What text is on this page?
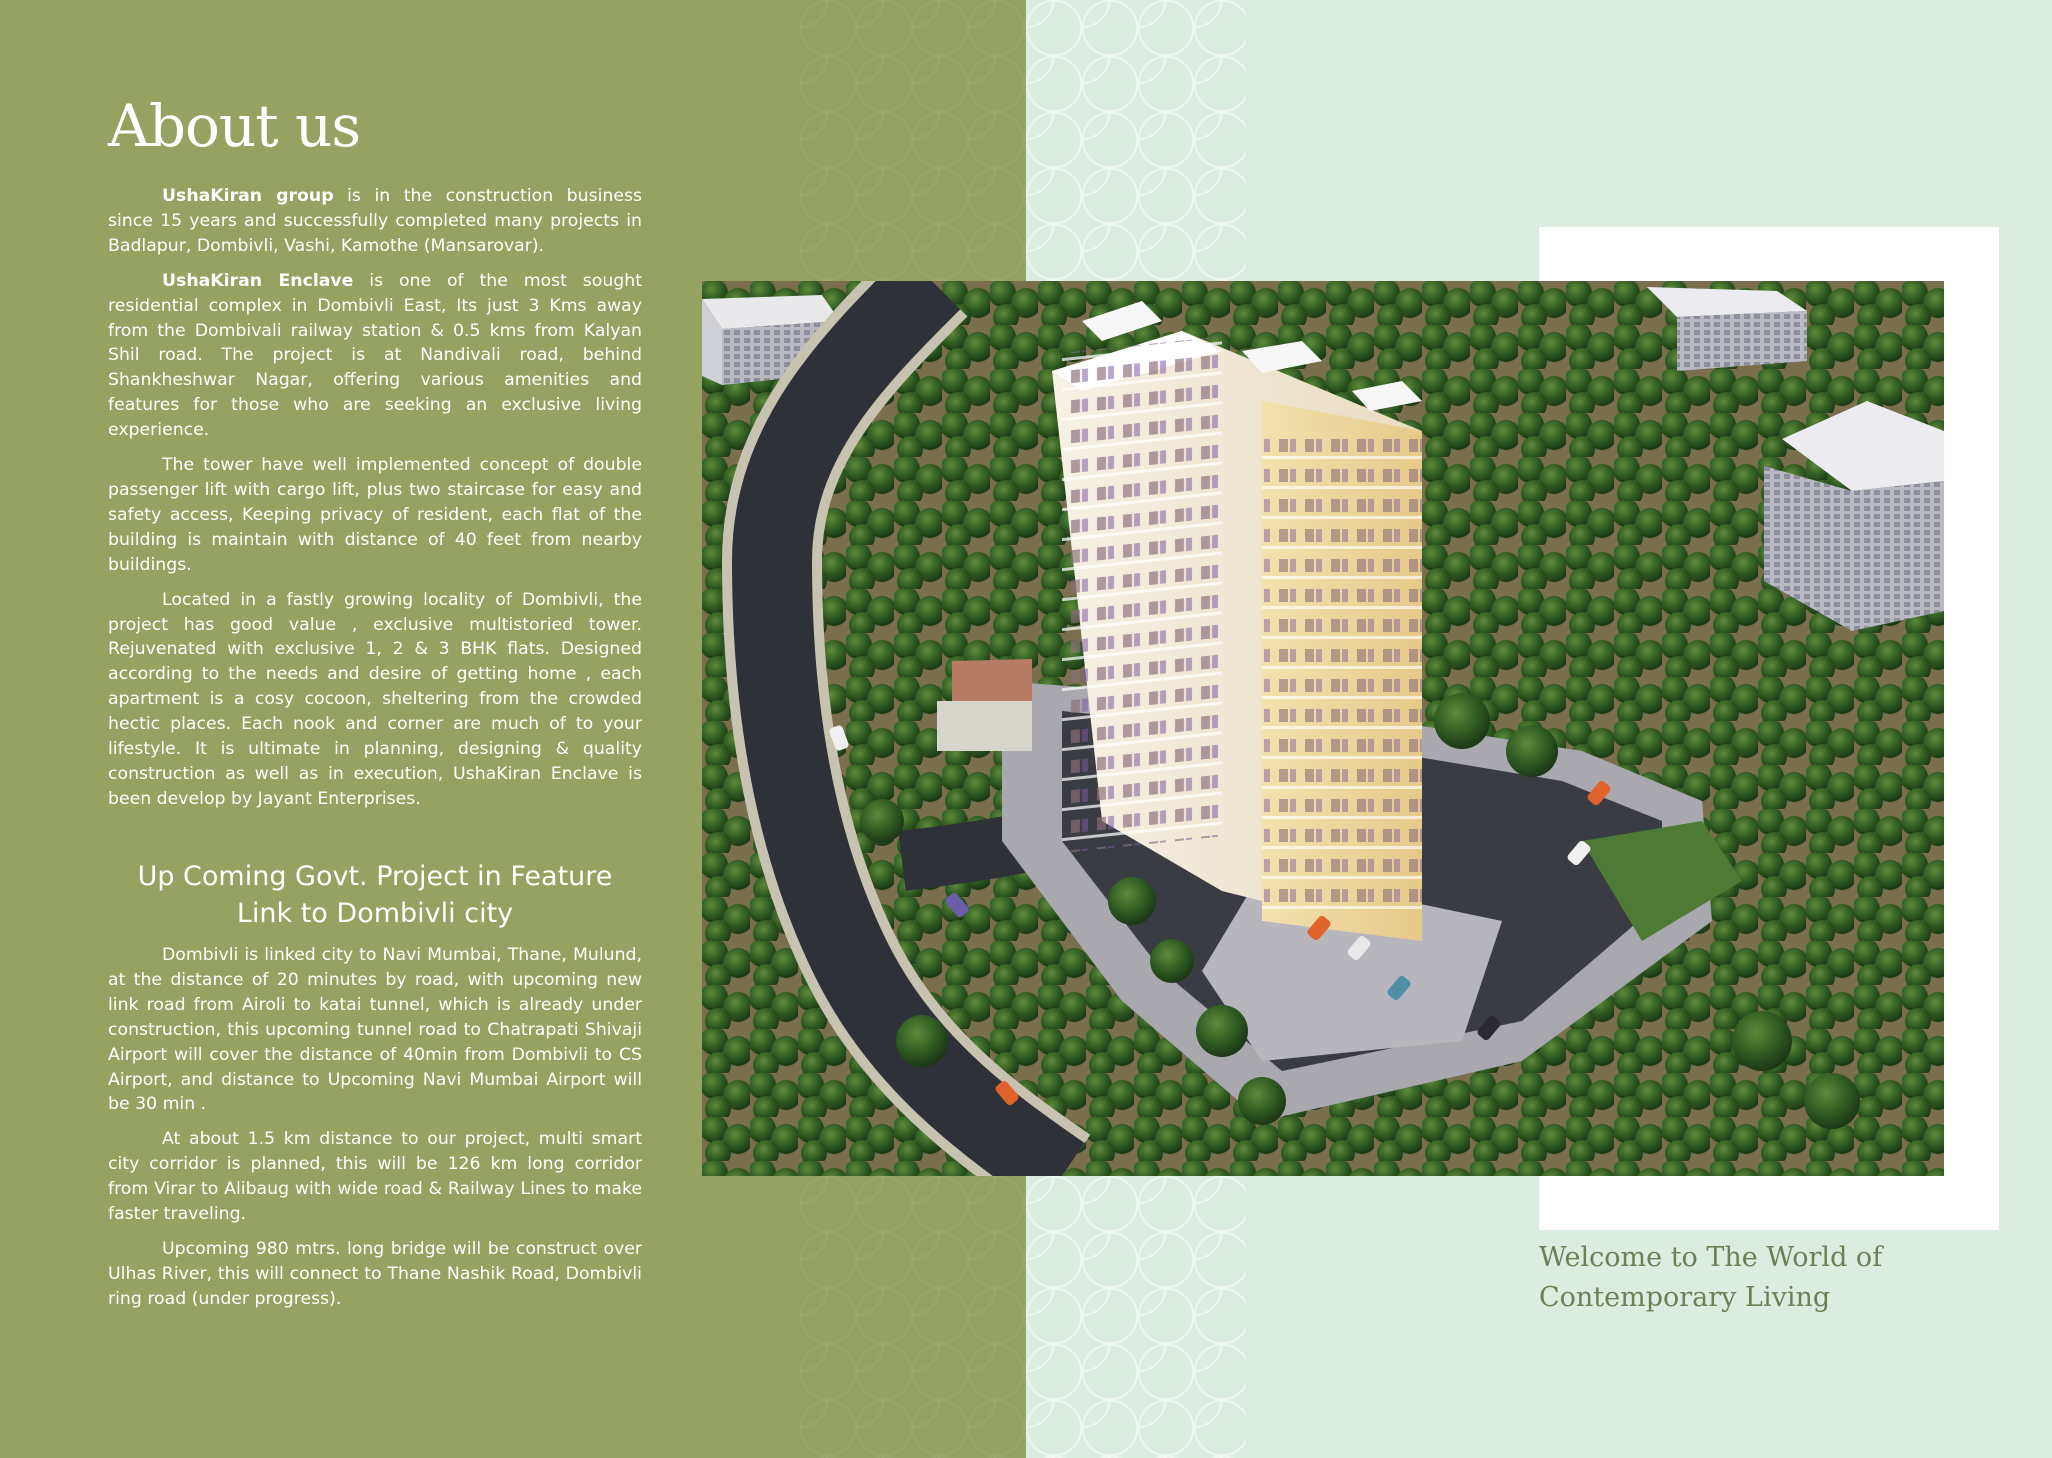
About us

UshaKiran group is in the construction business since 15 years and successfully completed many projects in Badlapur, Dombivli, Vashi, Kamothe (Mansarovar).

UshaKiran Enclave is one of the most sought residential complex in Dombivli East, Its just 3 Kms away from the Dombivali railway station & 0.5 kms from Kalyan Shil road. The project is at Nandivali road, behind Shankheshwar Nagar, offering various amenities and features for those who are seeking an exclusive living experience.

The tower have well implemented concept of double passenger lift with cargo lift, plus two staircase for easy and safety access, Keeping privacy of resident, each flat of the building is maintain with distance of 40 feet from nearby buildings.

Located in a fastly growing locality of Dombivli, the project has good value , exclusive multistoried tower. Rejuvenated with exclusive 1, 2 & 3 BHK flats. Designed according to the needs and desire of getting home , each apartment is a cosy cocoon, sheltering from the crowded hectic places. Each nook and corner are much of to your lifestyle. It is ultimate in planning, designing & quality construction as well as in execution, UshaKiran Enclave is been develop by Jayant Enterprises.

Up Coming Govt. Project in Feature Link to Dombivli city

Dombivli is linked city to Navi Mumbai, Thane, Mulund, at the distance of 20 minutes by road, with upcoming new link road from Airoli to katai tunnel, which is already under construction, this upcoming tunnel road to Chatrapati Shivaji Airport will cover the distance of 40min from Dombivli to CS Airport, and distance to Upcoming Navi Mumbai Airport will be 30 min .

At about 1.5 km distance to our project, multi smart city corridor is planned, this will be 126 km long corridor from Virar to Alibaug with wide road & Railway Lines to make faster traveling.

Upcoming 980 mtrs. long bridge will be construct over Ulhas River, this will connect to Thane Nashik Road, Dombivli ring road (under progress).

Welcome to The World of
Contemporary Living
